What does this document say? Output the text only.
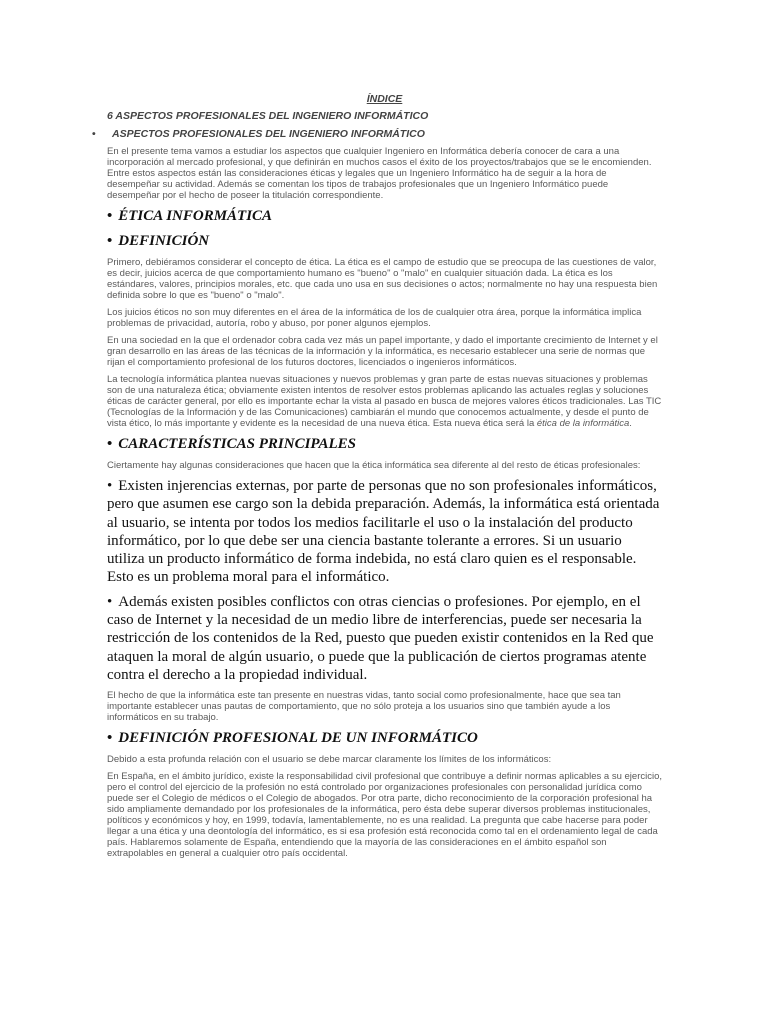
ÍNDICE
6 ASPECTOS PROFESIONALES DEL INGENIERO INFORMÁTICO
• ASPECTOS PROFESIONALES DEL INGENIERO INFORMÁTICO

En el presente tema vamos a estudiar los aspectos que cualquier Ingeniero en Informática debería conocer de cara a una incorporación al mercado profesional, y que definirán en muchos casos el éxito de los proyectos/trabajos que se le encomienden. Entre estos aspectos están las consideraciones éticas y legales que un Ingeniero Informático ha de seguir a la hora de desempeñar su actividad. Además se comentan los tipos de trabajos profesionales que un Ingeniero Informático puede desempeñar por el hecho de poseer la titulación correspondiente.

• ÉTICA INFORMÁTICA
• DEFINICIÓN

Primero, debiéramos considerar el concepto de ética. La ética es el campo de estudio que se preocupa de las cuestiones de valor, es decir, juicios acerca de que comportamiento humano es "bueno" o "malo" en cualquier situación dada. La ética es los estándares, valores, principios morales, etc. que cada uno usa en sus decisiones o actos; normalmente no hay una respuesta bien definida sobre lo que es "bueno" o "malo".

Los juicios éticos no son muy diferentes en el área de la informática de los de cualquier otra área, porque la informática implica problemas de privacidad, autoría, robo y abuso, por poner algunos ejemplos.

En una sociedad en la que el ordenador cobra cada vez más un papel importante, y dado el importante crecimiento de Internet y el gran desarrollo en las áreas de las técnicas de la información y la informática, es necesario establecer una serie de normas que rijan el comportamiento profesional de los futuros doctores, licenciados o ingenieros informáticos.

La tecnología informática plantea nuevas situaciones y nuevos problemas y gran parte de estas nuevas situaciones y problemas son de una naturaleza ética; obviamente existen intentos de resolver estos problemas aplicando las actuales reglas y soluciones éticas de carácter general, por ello es importante echar la vista al pasado en busca de mejores valores éticos tradicionales. Las TIC (Tecnologías de la Información y de las Comunicaciones) cambiarán el mundo que conocemos actualmente, y desde el punto de vista ético, lo más importante y evidente es la necesidad de una nueva ética. Esta nueva ética será la ética de la informática.

• CARACTERÍSTICAS PRINCIPALES

Ciertamente hay algunas consideraciones que hacen que la ética informática sea diferente al del resto de éticas profesionales:

• Existen injerencias externas, por parte de personas que no son profesionales informáticos, pero que asumen ese cargo son la debida preparación. Además, la informática está orientada al usuario, se intenta por todos los medios facilitarle el uso o la instalación del producto informático, por lo que debe ser una ciencia bastante tolerante a errores. Si un usuario utiliza un producto informático de forma indebida, no está claro quien es el responsable. Esto es un problema moral para el informático.

• Además existen posibles conflictos con otras ciencias o profesiones. Por ejemplo, en el caso de Internet y la necesidad de un medio libre de interferencias, puede ser necesaria la restricción de los contenidos de la Red, puesto que pueden existir contenidos en la Red que ataquen la moral de algún usuario, o puede que la publicación de ciertos programas atente contra el derecho a la propiedad individual.

El hecho de que la informática este tan presente en nuestras vidas, tanto social como profesionalmente, hace que sea tan importante establecer unas pautas de comportamiento, que no sólo proteja a los usuarios sino que también ayude a los informáticos en su trabajo.

• DEFINICIÓN PROFESIONAL DE UN INFORMÁTICO

Debido a esta profunda relación con el usuario se debe marcar claramente los límites de los informáticos:

En España, en el ámbito jurídico, existe la responsabilidad civil profesional que contribuye a definir normas aplicables a su ejercicio, pero el control del ejercicio de la profesión no está controlado por organizaciones profesionales con personalidad jurídica como puede ser el Colegio de médicos o el Colegio de abogados. Por otra parte, dicho reconocimiento de la corporación profesional ha sido ampliamente demandado por los profesionales de la informática, pero ésta debe superar diversos problemas institucionales, políticos y económicos y hoy, en 1999, todavía, lamentablemente, no es una realidad. La pregunta que cabe hacerse para poder llegar a una ética y una deontología del informático, es si esa profesión está reconocida como tal en el ordenamiento legal de cada país. Hablaremos solamente de España, entendiendo que la mayoría de las consideraciones en el ámbito español son extrapolables en general a cualquier otro país occidental.
